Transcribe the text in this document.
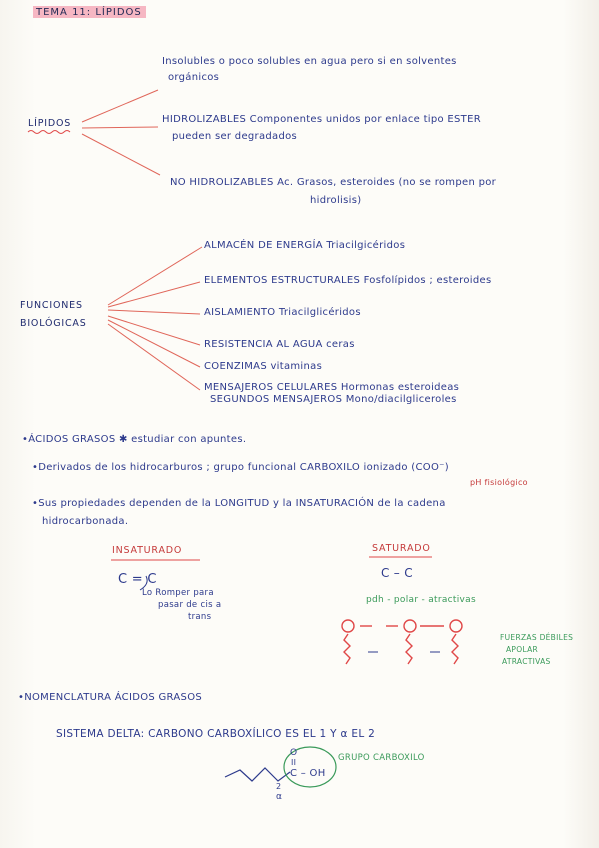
TEMA 11: LÍPIDOS
LÍPIDOS
Insolubles o poco solubles en agua pero si en solventes
orgánicos
HIDROLIZABLES Componentes unidos por enlace tipo ESTER
pueden ser degradados
NO HIDROLIZABLES Ac. Grasos, esteroides (no se rompen por
hidrolisis)
FUNCIONES
BIOLÓGICAS
ALMACÉN DE ENERGÍA Triacilgicéridos
ELEMENTOS ESTRUCTURALES Fosfolípidos ; esteroides
AISLAMIENTO Triacilglicéridos
RESISTENCIA AL AGUA ceras
COENZIMAS vitaminas
MENSAJEROS CELULARES Hormonas esteroideas
SEGUNDOS MENSAJEROS Mono/diacilgliceroles
•ÁCIDOS GRASOS ✱ estudiar con apuntes.
•Derivados de los hidrocarburos ; grupo funcional CARBOXILO ionizado (COO⁻)
pH fisiológico
•Sus propiedades dependen de la LONGITUD y la INSATURACIÓN de la cadena
hidrocarbonada.
INSATURADO
C = C
Lo Romper para
pasar de cis a
trans
SATURADO
C – C
pdh - polar - atractivas
FUERZAS DÉBILES
APOLAR
ATRACTIVAS
•NOMENCLATURA ÁCIDOS GRASOS
SISTEMA DELTA: CARBONO CARBOXÍLICO ES EL 1 Y α EL 2
GRUPO CARBOXILO
O
II
C – OH
2
α
